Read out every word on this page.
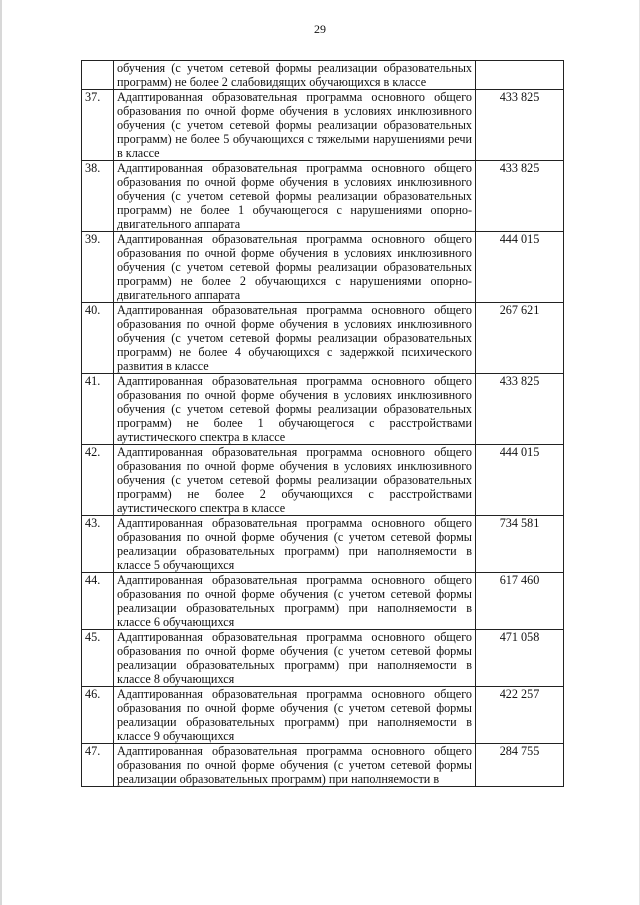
29
	обучения (с учетом сетевой формы реализации образовательных программ) не более 2 слабовидящих обучающихся в классе	
37.	Адаптированная образовательная программа основного общего образования по очной форме обучения в условиях инклюзивного обучения (с учетом сетевой формы реализации образовательных программ) не более 5 обучающихся с тяжелыми нарушениями речи в классе	433 825
38.	Адаптированная образовательная программа основного общего образования по очной форме обучения в условиях инклюзивного обучения (с учетом сетевой формы реализации образовательных программ) не более 1 обучающегося с нарушениями опорно-двигательного аппарата	433 825
39.	Адаптированная образовательная программа основного общего образования по очной форме обучения в условиях инклюзивного обучения (с учетом сетевой формы реализации образовательных программ) не более 2 обучающихся с нарушениями опорно-двигательного аппарата	444 015
40.	Адаптированная образовательная программа основного общего образования по очной форме обучения в условиях инклюзивного обучения (с учетом сетевой формы реализации образовательных программ) не более 4 обучающихся с задержкой психического развития в классе	267 621
41.	Адаптированная образовательная программа основного общего образования по очной форме обучения в условиях инклюзивного обучения (с учетом сетевой формы реализации образовательных программ) не более 1 обучающегося с расстройствами аутистического спектра в классе	433 825
42.	Адаптированная образовательная программа основного общего образования по очной форме обучения в условиях инклюзивного обучения (с учетом сетевой формы реализации образовательных программ) не более 2 обучающихся с расстройствами аутистического спектра в классе	444 015
43.	Адаптированная образовательная программа основного общего образования по очной форме обучения (с учетом сетевой формы реализации образовательных программ) при наполняемости в классе 5 обучающихся	734 581
44.	Адаптированная образовательная программа основного общего образования по очной форме обучения (с учетом сетевой формы реализации образовательных программ) при наполняемости в классе 6 обучающихся	617 460
45.	Адаптированная образовательная программа основного общего образования по очной форме обучения (с учетом сетевой формы реализации образовательных программ) при наполняемости в классе 8 обучающихся	471 058
46.	Адаптированная образовательная программа основного общего образования по очной форме обучения (с учетом сетевой формы реализации образовательных программ) при наполняемости в классе 9 обучающихся	422 257
47.	Адаптированная образовательная программа основного общего образования по очной форме обучения (с учетом сетевой формы реализации образовательных программ) при наполняемости в	284 755
